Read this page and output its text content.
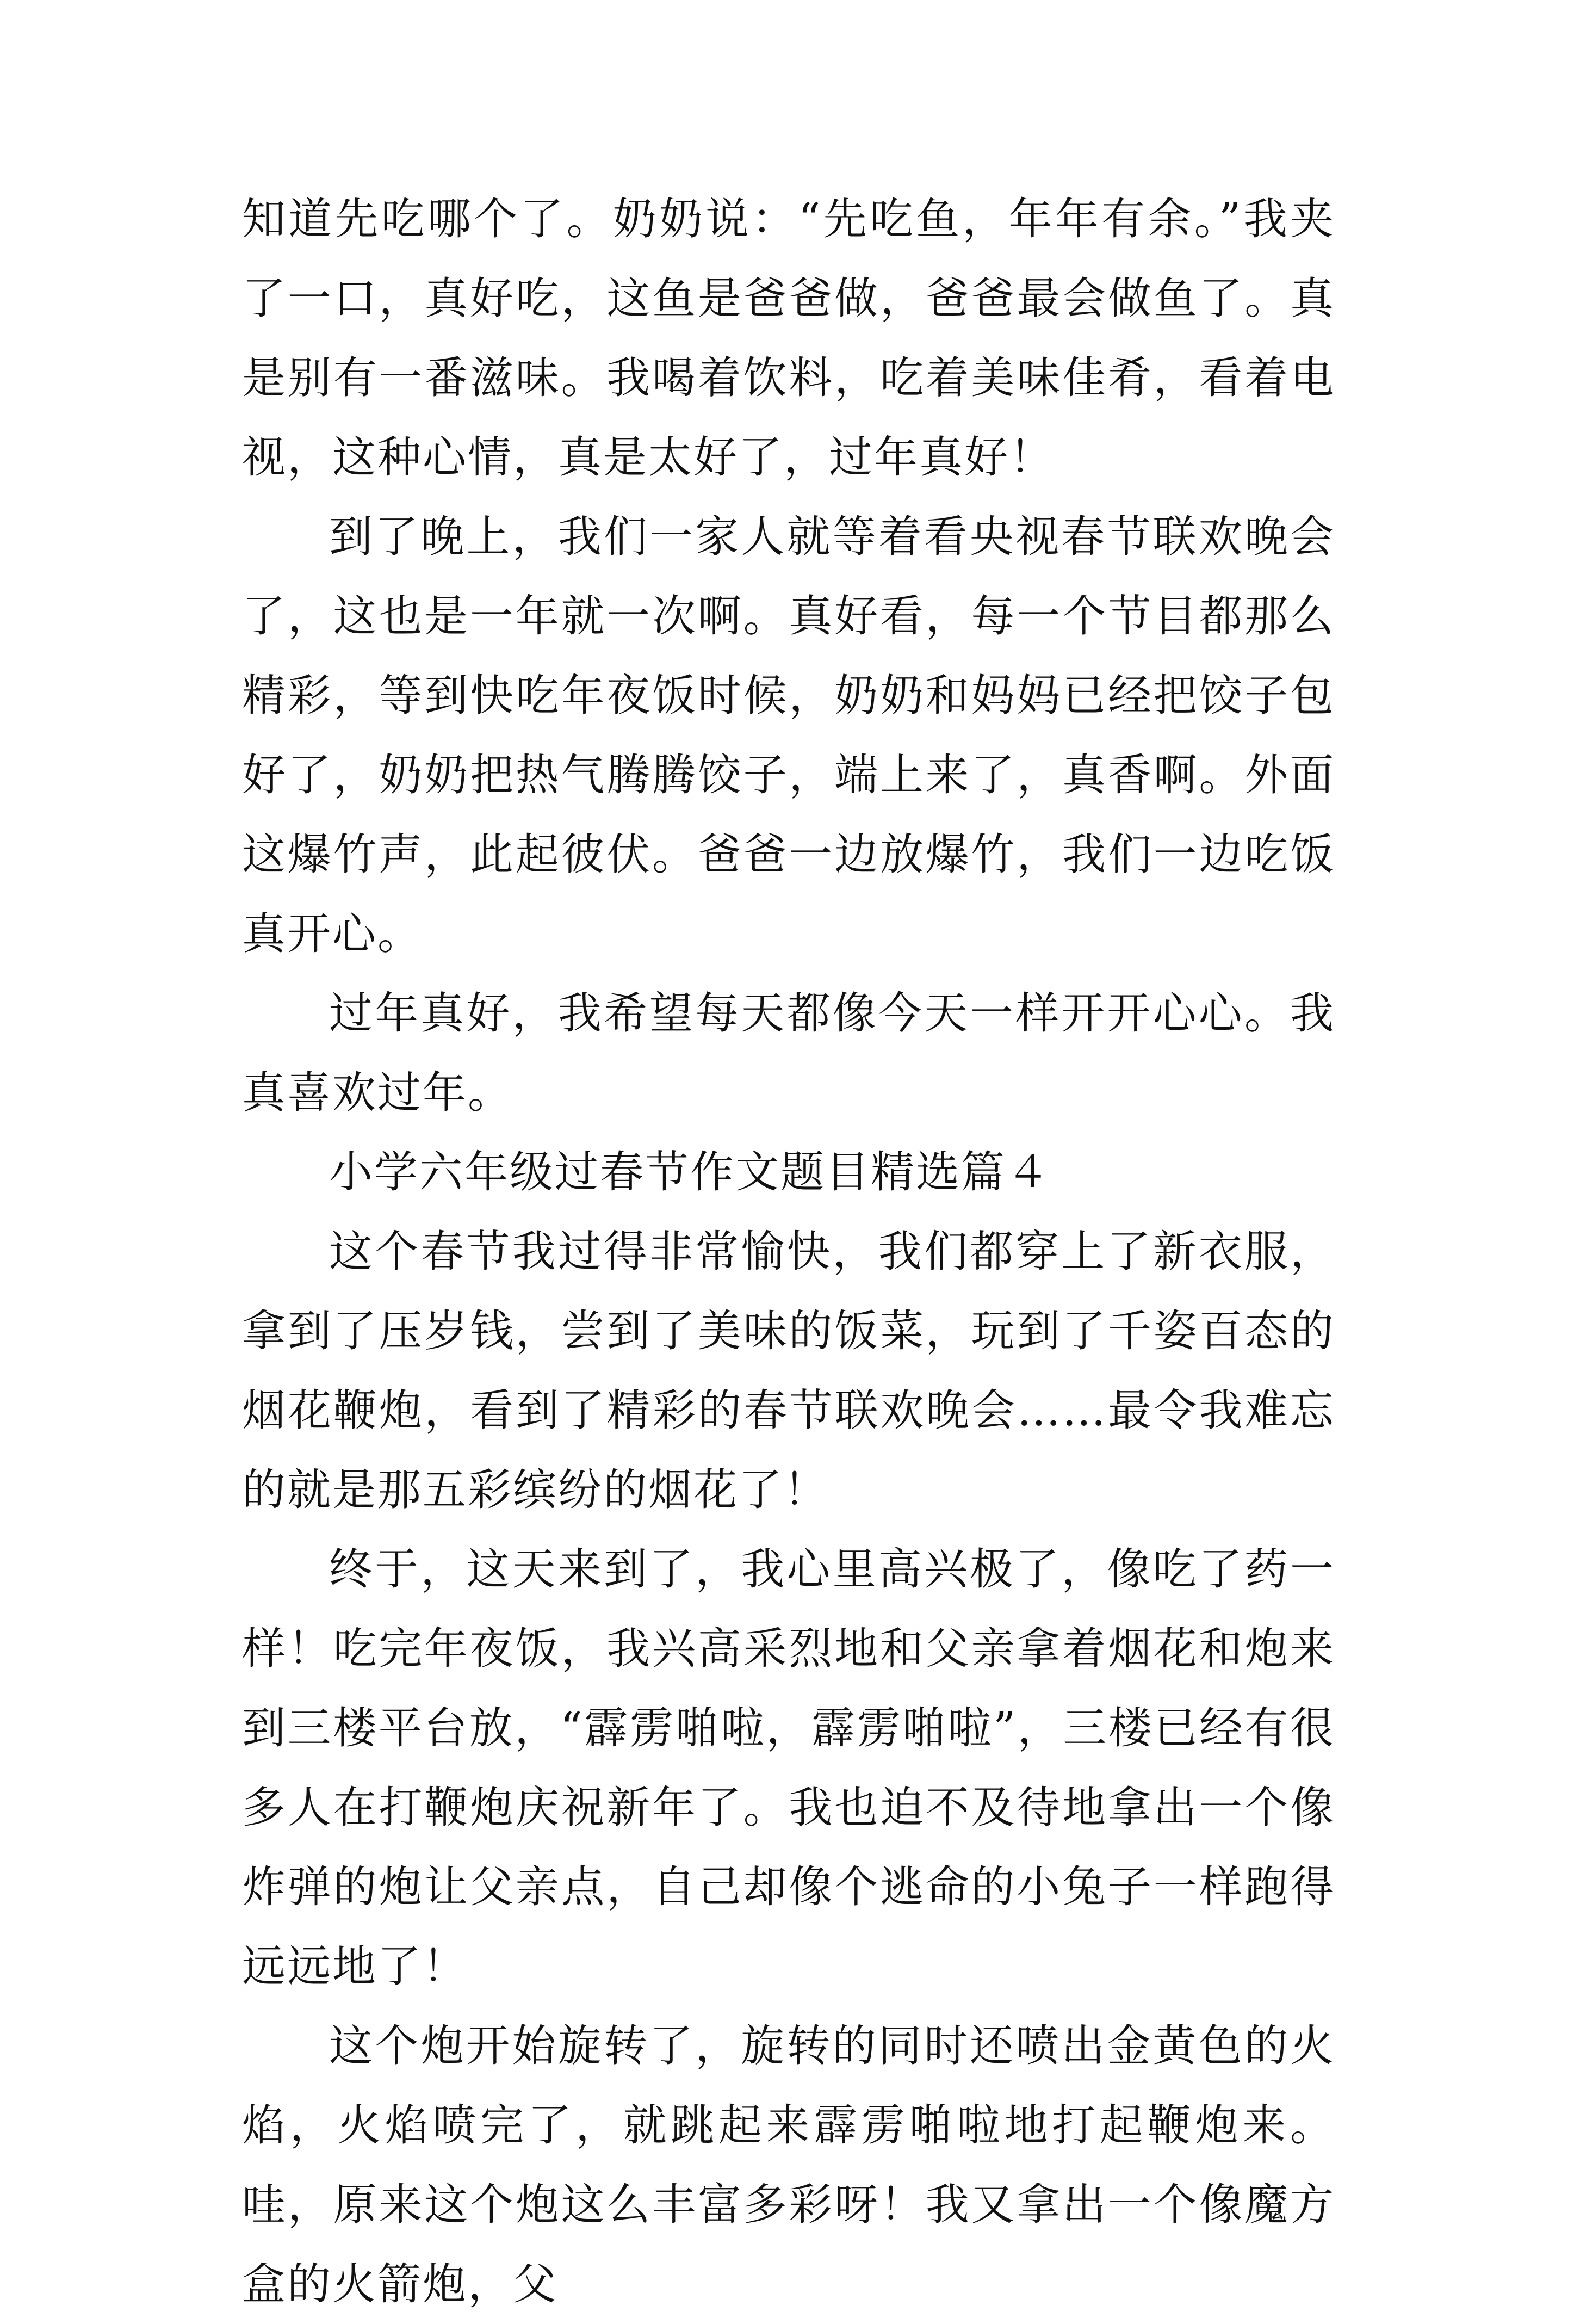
知道先吃哪个了。奶奶说：“先吃鱼，年年有余。”我夹了一口，真好吃，这鱼是爸爸做，爸爸最会做鱼了。真是别有一番滋味。我喝着饮料，吃着美味佳肴，看着电视，这种心情，真是太好了，过年真好！

到了晚上，我们一家人就等着看央视春节联欢晚会了，这也是一年就一次啊。真好看，每一个节目都那么精彩，等到快吃年夜饭时候，奶奶和妈妈已经把饺子包好了，奶奶把热气腾腾饺子，端上来了，真香啊。外面这爆竹声，此起彼伏。爸爸一边放爆竹，我们一边吃饭真开心。

过年真好，我希望每天都像今天一样开开心心。我真喜欢过年。

小学六年级过春节作文题目精选篇４

这个春节我过得非常愉快，我们都穿上了新衣服，拿到了压岁钱，尝到了美味的饭菜，玩到了千姿百态的烟花鞭炮，看到了精彩的春节联欢晚会……最令我难忘的就是那五彩缤纷的烟花了！

终于，这天来到了，我心里高兴极了，像吃了药一样！吃完年夜饭，我兴高采烈地和父亲拿着烟花和炮来到三楼平台放，“霹雳啪啦，霹雳啪啦”，三楼已经有很多人在打鞭炮庆祝新年了。我也迫不及待地拿出一个像炸弹的炮让父亲点，自己却像个逃命的小兔子一样跑得远远地了！

这个炮开始旋转了，旋转的同时还喷出金黄色的火焰，火焰喷完了，就跳起来霹雳啪啦地打起鞭炮来。哇，原来这个炮这么丰富多彩呀！我又拿出一个像魔方盒的火箭炮，父
